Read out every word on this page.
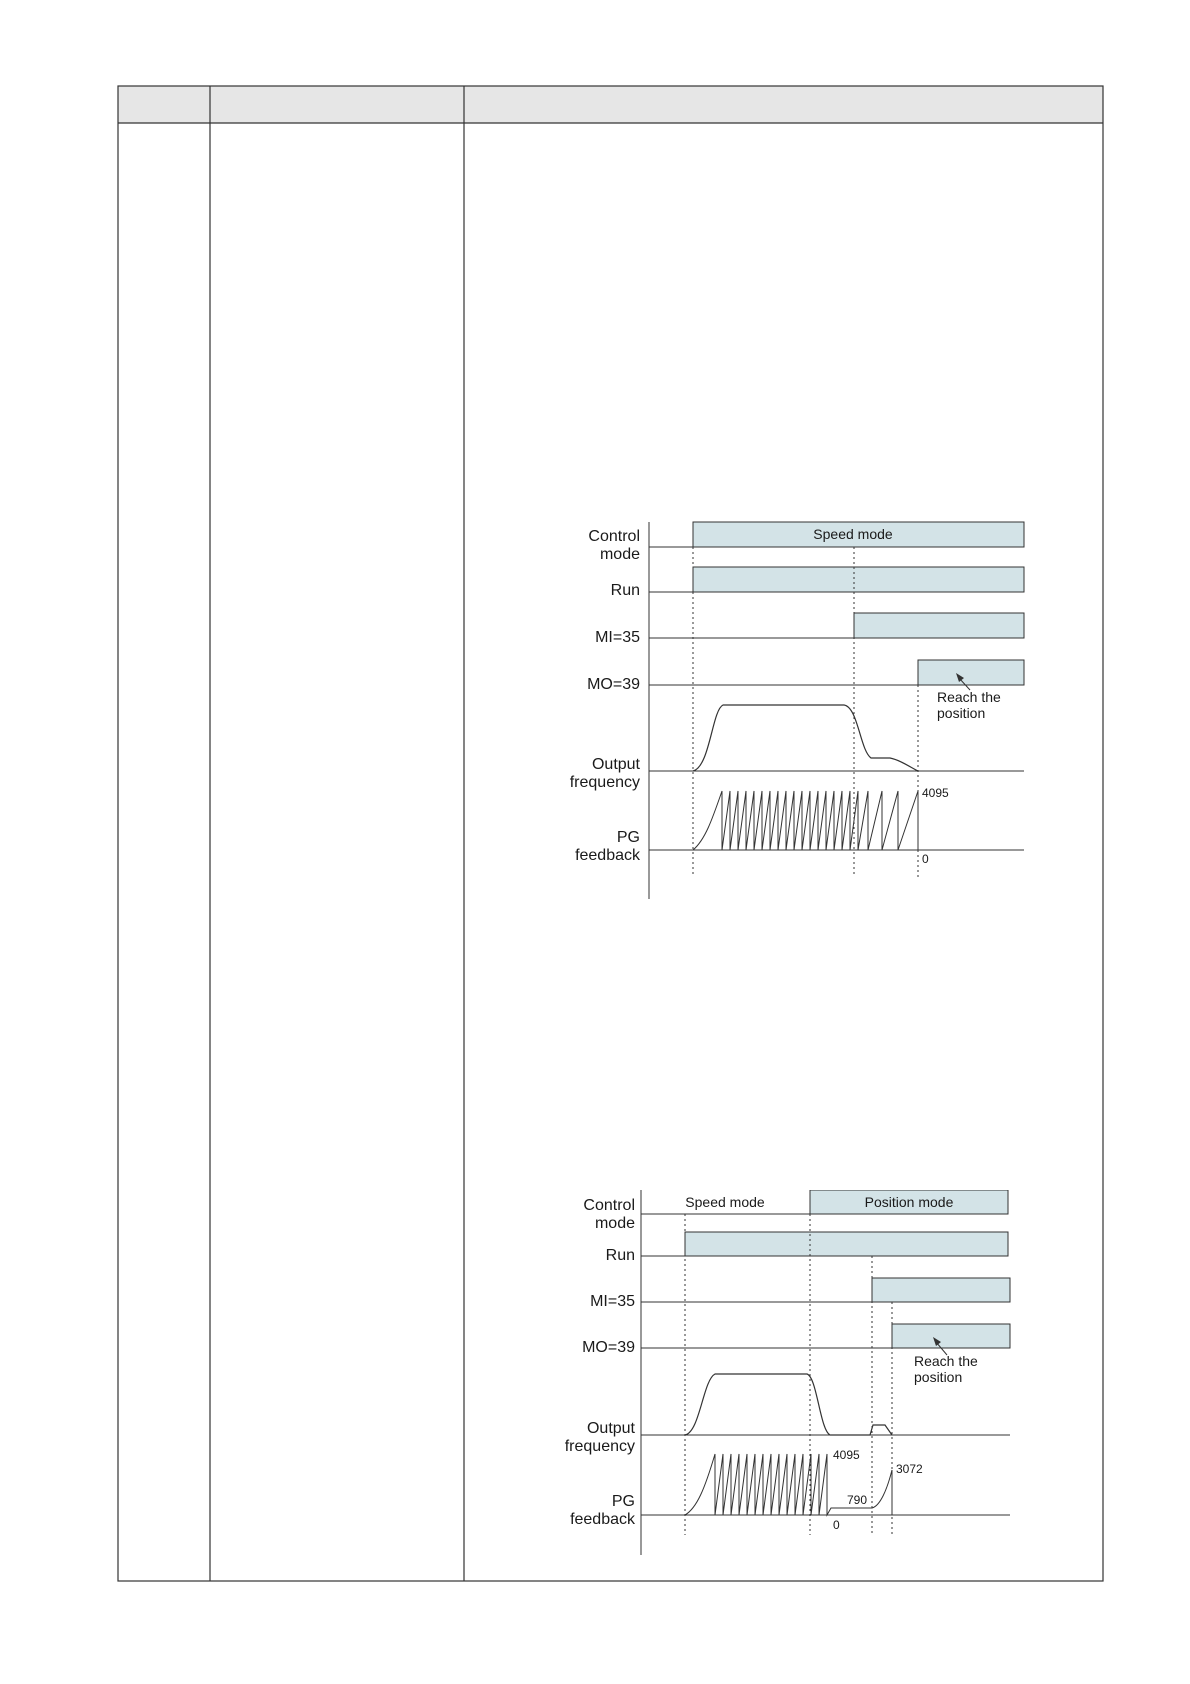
Control mode
Run
MI=35
MO=39
Output frequency
PG feedback
Speed mode
Reach the position
4095
0
Control mode
Run
MI=35
MO=39
Output frequency
PG feedback
Speed mode	Position mode
Reach the position
4095
0
790
3072
